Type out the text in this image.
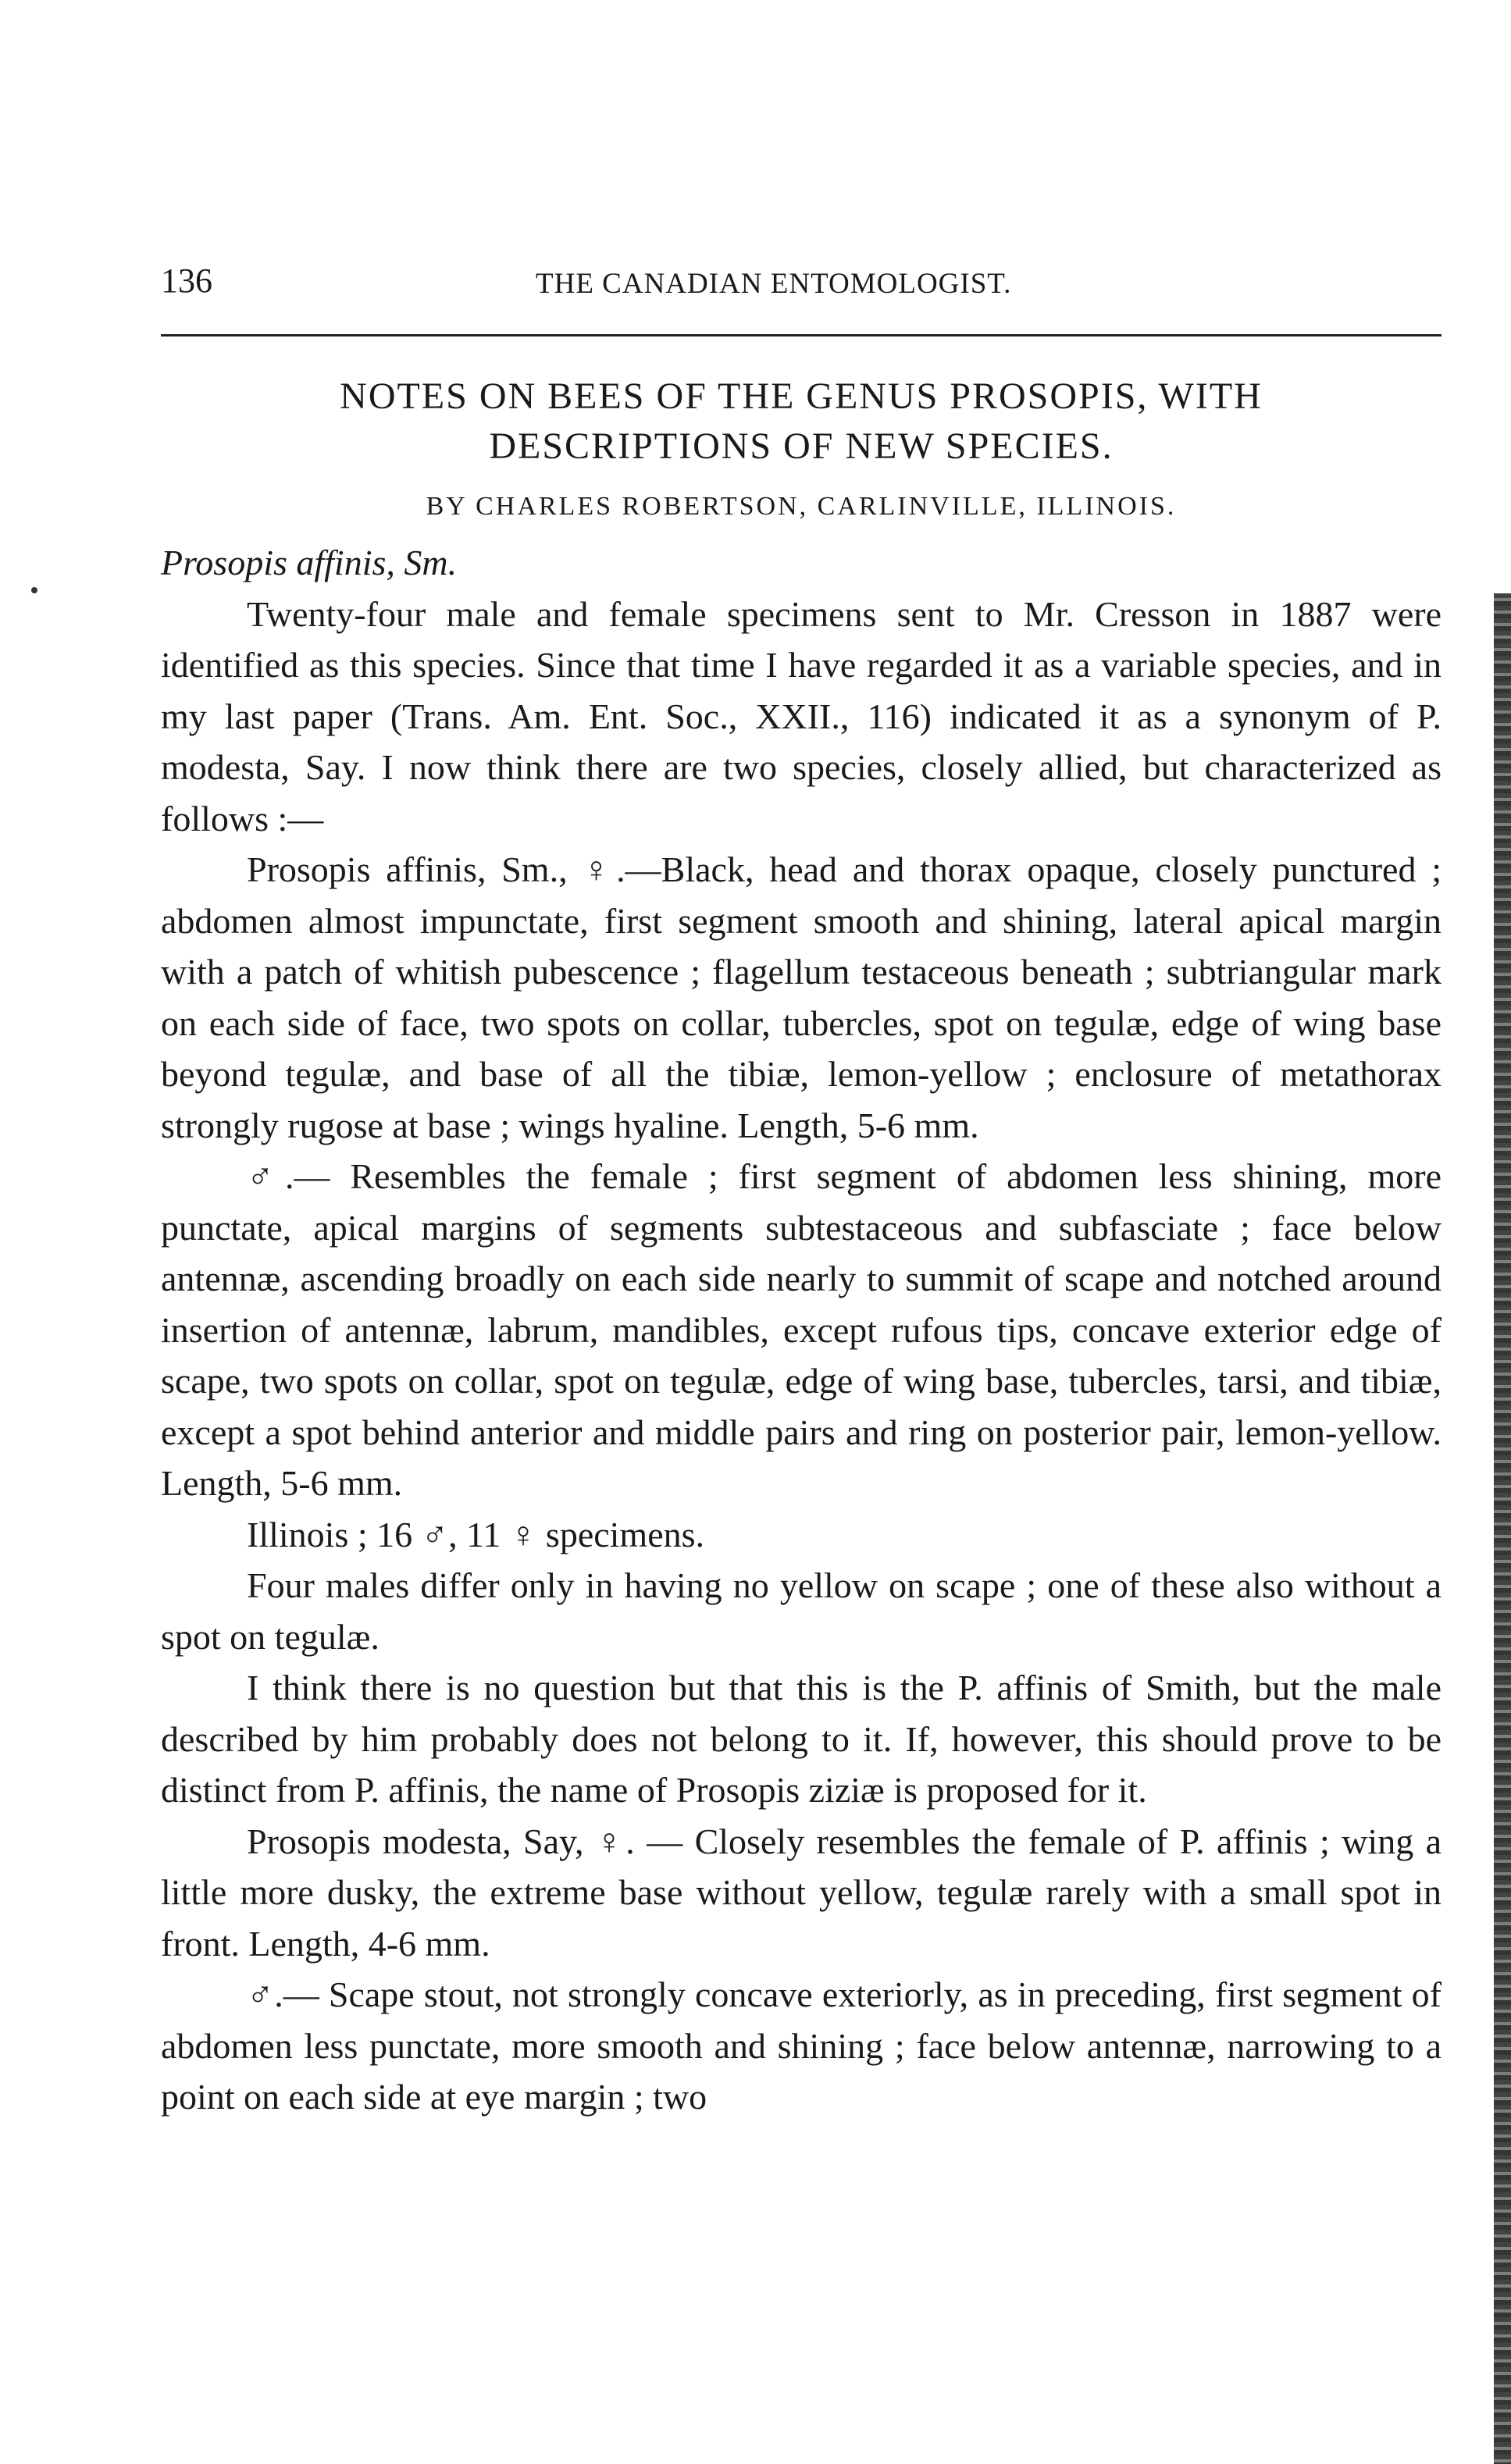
136	THE CANADIAN ENTOMOLOGIST.
NOTES ON BEES OF THE GENUS PROSOPIS, WITH
DESCRIPTIONS OF NEW SPECIES.
BY CHARLES ROBERTSON, CARLINVILLE, ILLINOIS.

Prosopis affinis, Sm.

Twenty-four male and female specimens sent to Mr. Cresson in 1887 were identified as this species. Since that time I have regarded it as a variable species, and in my last paper (Trans. Am. Ent. Soc., XXII., 116) indicated it as a synonym of P. modesta, Say. I now think there are two species, closely allied, but characterized as follows :—

Prosopis affinis, Sm., ♀.—Black, head and thorax opaque, closely punctured ; abdomen almost impunctate, first segment smooth and shining, lateral apical margin with a patch of whitish pubescence ; flagellum testaceous beneath ; subtriangular mark on each side of face, two spots on collar, tubercles, spot on tegulæ, edge of wing base beyond tegulæ, and base of all the tibiæ, lemon-yellow ; enclosure of metathorax strongly rugose at base ; wings hyaline. Length, 5-6 mm.

♂.— Resembles the female ; first segment of abdomen less shining, more punctate, apical margins of segments subtestaceous and subfasciate ; face below antennæ, ascending broadly on each side nearly to summit of scape and notched around insertion of antennæ, labrum, mandibles, except rufous tips, concave exterior edge of scape, two spots on collar, spot on tegulæ, edge of wing base, tubercles, tarsi, and tibiæ, except a spot behind anterior and middle pairs and ring on posterior pair, lemon-yellow. Length, 5-6 mm.

Illinois ; 16 ♂, 11 ♀ specimens.

Four males differ only in having no yellow on scape ; one of these also without a spot on tegulæ.

I think there is no question but that this is the P. affinis of Smith, but the male described by him probably does not belong to it. If, however, this should prove to be distinct from P. affinis, the name of Prosopis ziziæ is proposed for it.

Prosopis modesta, Say, ♀. — Closely resembles the female of P. affinis ; wing a little more dusky, the extreme base without yellow, tegulæ rarely with a small spot in front. Length, 4-6 mm.

♂.— Scape stout, not strongly concave exteriorly, as in preceding, first segment of abdomen less punctate, more smooth and shining ; face below antennæ, narrowing to a point on each side at eye margin ; two
